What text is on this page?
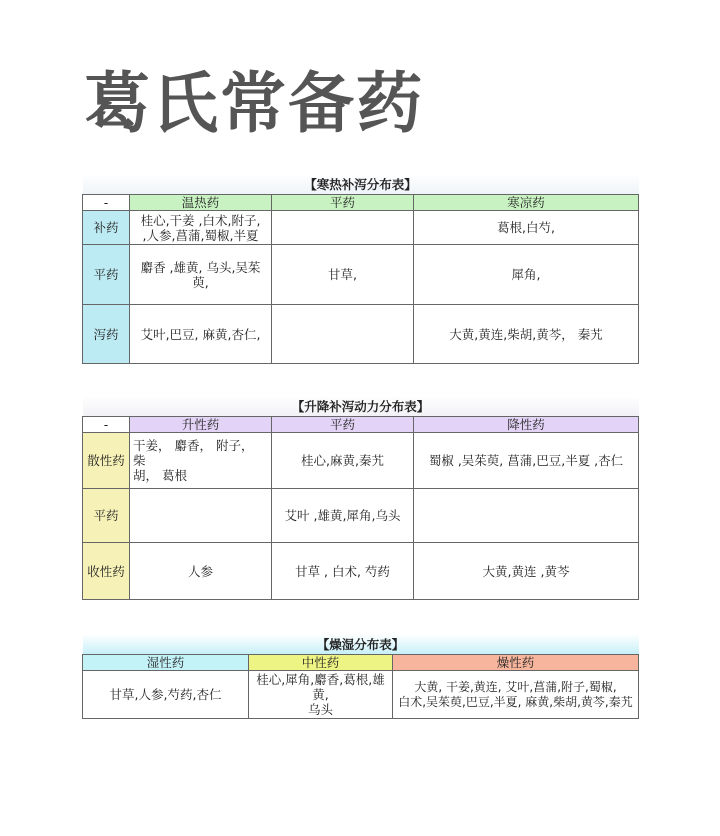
葛氏常备药
【寒热补泻分布表】			
-	温热药	平药	寒凉药
补药	桂心,干姜 ,白术,附子,
,人参,菖蒲,蜀椒,半夏		葛根,白芍,
平药	麝香 ,雄黄, 乌头,吴茱萸,	甘草,	犀角,
泻药	艾叶,巴豆, 麻黄,杏仁,		大黄,黄连,柴胡,黄芩， 秦艽
【升降补泻动力分布表】			
-	升性药	平药	降性药
散性药	干姜， 麝香， 附子， 柴
胡， 葛根	桂心,麻黄,秦艽	蜀椒 ,吴茱萸, 菖蒲,巴豆,半夏 ,杏仁
平药		艾叶 ,雄黄,犀角,乌头	
收性药	人参	甘草 , 白术, 芍药	大黄,黄连 ,黄芩
【燥湿分布表】		
湿性药	中性药	燥性药
甘草,人参,芍药,杏仁	桂心,犀角,麝香,葛根,雄
黄,
乌头	大黄, 干姜,黄连, 艾叶,菖蒲,附子,蜀椒,
白术,吴茱萸,巴豆,半夏, 麻黄,柴胡,黄芩,秦艽
